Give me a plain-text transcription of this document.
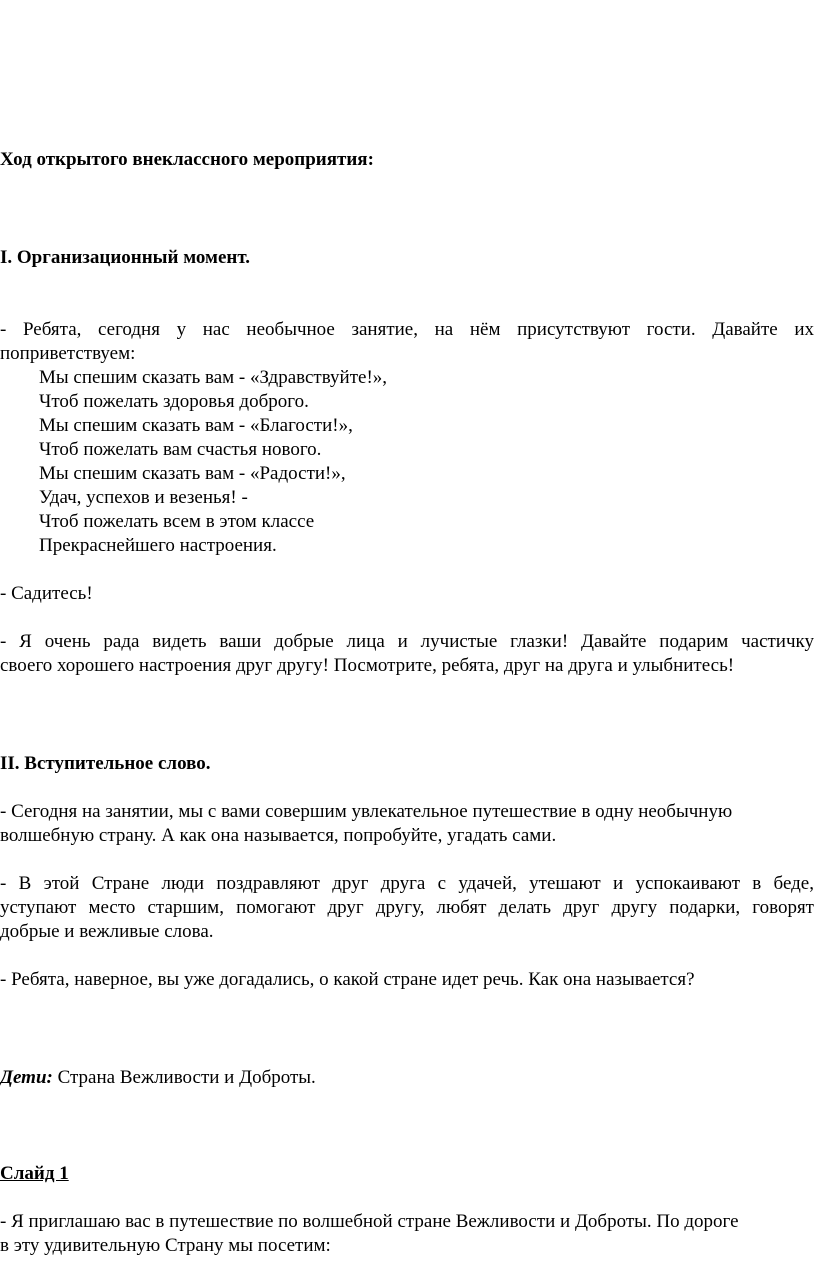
Ход открытого внеклассного мероприятия:
I. Организационный момент.
- Ребята, сегодня у нас необычное занятие, на нём присутствуют гости. Давайте их
поприветствуем:
Мы спешим сказать вам - «Здравствуйте!»,
Чтоб пожелать здоровья доброго.
Мы спешим сказать вам - «Благости!»,
Чтоб пожелать вам счастья нового.
Мы спешим сказать вам - «Радости!»,
Удач, успехов и везенья! -
Чтоб пожелать всем в этом классе
Прекраснейшего настроения.
- Садитесь!
- Я очень рада видеть ваши добрые лица и лучистые глазки! Давайте подарим частичку
своего хорошего настроения друг другу! Посмотрите, ребята, друг на друга и улыбнитесь!
II. Вступительное слово.
- Сегодня на занятии, мы с вами совершим увлекательное путешествие в одну необычную
волшебную страну. А как она называется, попробуйте, угадать сами.
- В этой Стране люди поздравляют друг друга с удачей, утешают и успокаивают в беде,
уступают место старшим, помогают друг другу, любят делать друг другу подарки, говорят
добрые и вежливые слова.
- Ребята, наверное, вы уже догадались, о какой стране идет речь. Как она называется?
Дети: Страна Вежливости и Доброты.
Слайд 1
- Я приглашаю вас в путешествие по волшебной стране Вежливости и Доброты. По дороге
в эту удивительную Страну мы посетим:
